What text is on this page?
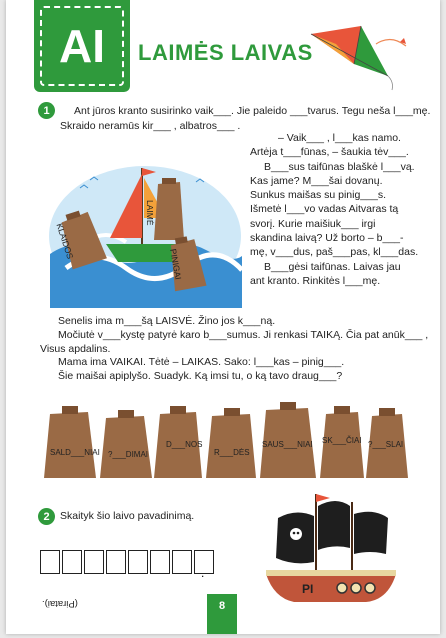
AI	LAIMĖS LAIVAS
1	Ant jūros kranto susirinko vaik___. Jie paleido ___tvarus. Tegu neša l___mę.
Skraido neramūs kir___ , albatros___ .
LAIMĖ
KLAIDOS
PINIGAI
– Vaik___ , l___kas namo.
Artėja t___fūnas, – šaukia tėv___.
B___sus taifūnas blaškė l___vą.
Kas jame? M___šai dovanų.
Sunkus maišas su pinig___s.
Išmetė l___vo vadas Aitvaras tą
svorį. Kurie maišiuk___ irgi
skandina laivą? Už borto – b___-
mę, v___dus, paš___pas, kl___das.
B___gėsi taifūnas. Laivas jau
ant kranto. Rinkitės l___mę.
Senelis ima m___šą LAISVĖ. Žino jos k___ną.
Močiutė v___kystę patyrė karo b___sumus. Ji renkasi TAIKĄ. Čia pat anūk___ ,
Visus apdalins.
Mama ima VAIKAI. Tėtė – LAIKAS. Sako: l___kas – pinig___.
Šie maišai apiplyšo. Suadyk. Ką imsi tu, o ką tavo draug___?
SALD___NIAI ?___DIMAI
D___NOS
R___DĖS
SAUS___NIAI SK___ČIAI ?___SLAI
2 Skaityk šio laivo pavadinimą.
.
PI
(Piratai).	8
